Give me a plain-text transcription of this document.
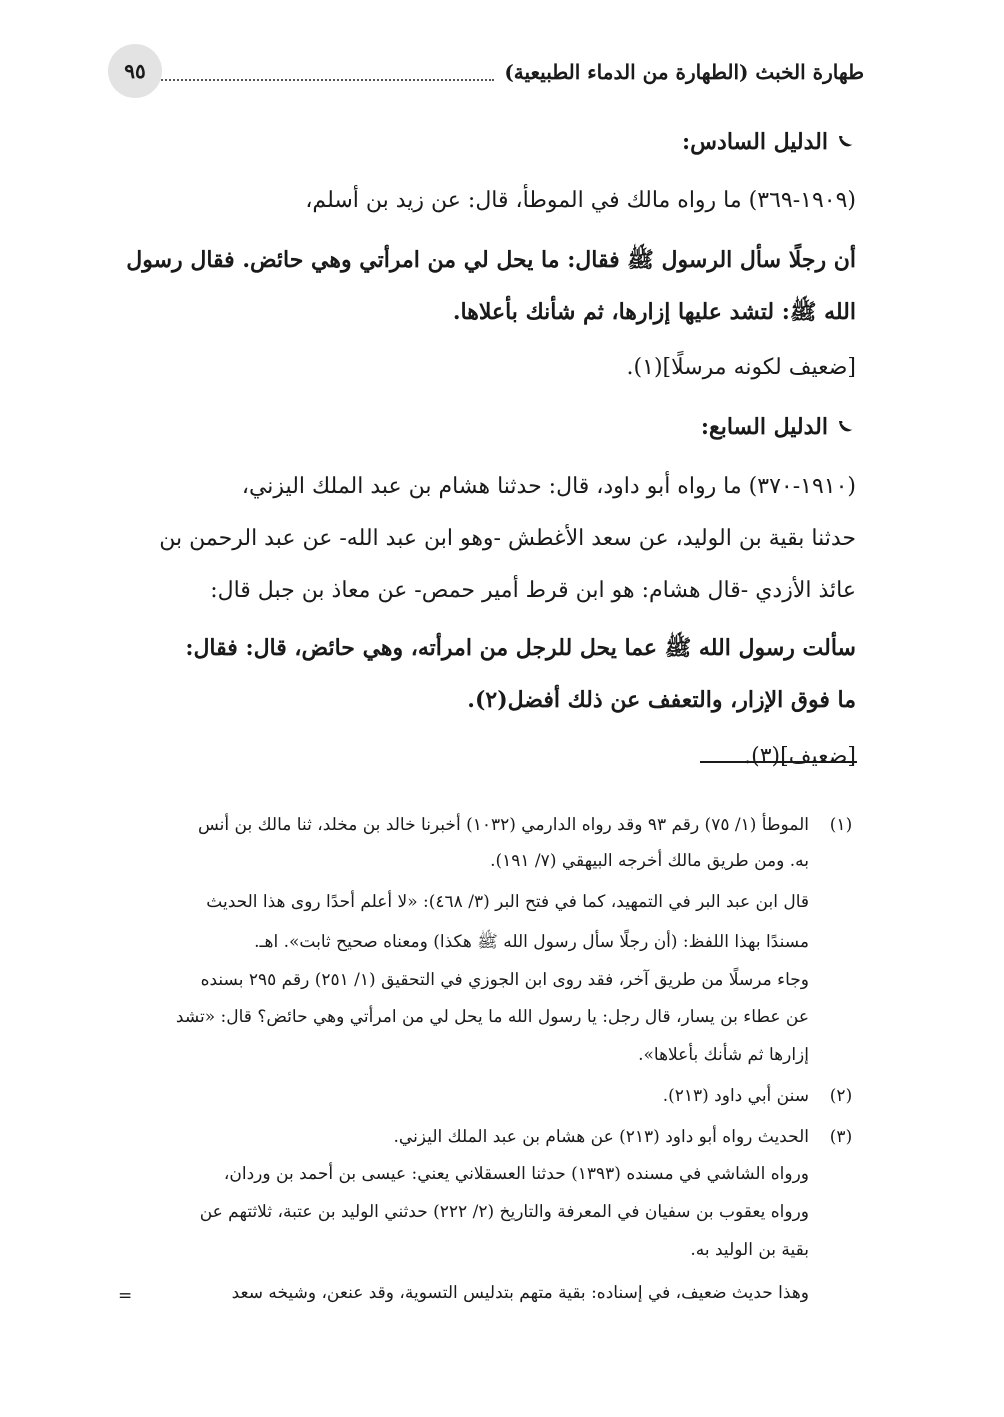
طهارة الخبث (الطهارة من الدماء الطبيعية)
٩٥
الدليل السادس:
(١٩٠٩-٣٦٩) ما رواه مالك في الموطأ، قال: عن زيد بن أسلم،
أن رجلًا سأل الرسول ﷺ فقال: ما يحل لي من امرأتي وهي حائض. فقال رسول
الله ﷺ: لتشد عليها إزارها، ثم شأنك بأعلاها.
[ضعيف لكونه مرسلًا](١).
الدليل السابع:
(١٩١٠-٣٧٠) ما رواه أبو داود، قال: حدثنا هشام بن عبد الملك اليزني،
حدثنا بقية بن الوليد، عن سعد الأغطش -وهو ابن عبد الله- عن عبد الرحمن بن
عائذ الأزدي -قال هشام: هو ابن قرط أمير حمص- عن معاذ بن جبل قال:
سألت رسول الله ﷺ عما يحل للرجل من امرأته، وهي حائض، قال: فقال:
ما فوق الإزار، والتعفف عن ذلك أفضل(٢).
[ضعيف](٣).
(١)
الموطأ (١/ ٧٥) رقم ٩٣ وقد رواه الدارمي (١٠٣٢) أخبرنا خالد بن مخلد، ثنا مالك بن أنس
به. ومن طريق مالك أخرجه البيهقي (٧/ ١٩١).
قال ابن عبد البر في التمهيد، كما في فتح البر (٣/ ٤٦٨): «لا أعلم أحدًا روى هذا الحديث
مسندًا بهذا اللفظ: (أن رجلًا سأل رسول الله ﷺ هكذا) ومعناه صحيح ثابت». اهـ.
وجاء مرسلًا من طريق آخر، فقد روى ابن الجوزي في التحقيق (١/ ٢٥١) رقم ٢٩٥ بسنده
عن عطاء بن يسار، قال رجل: يا رسول الله ما يحل لي من امرأتي وهي حائض؟ قال: «تشد
إزارها ثم شأنك بأعلاها».
(٢)
سنن أبي داود (٢١٣).
(٣)
الحديث رواه أبو داود (٢١٣) عن هشام بن عبد الملك اليزني.
ورواه الشاشي في مسنده (١٣٩٣) حدثنا العسقلاني يعني: عيسى بن أحمد بن وردان،
ورواه يعقوب بن سفيان في المعرفة والتاريخ (٢/ ٢٢٢) حدثني الوليد بن عتبة، ثلاثتهم عن
بقية بن الوليد به.
وهذا حديث ضعيف، في إسناده: بقية متهم بتدليس التسوية، وقد عنعن، وشيخه سعد
=
